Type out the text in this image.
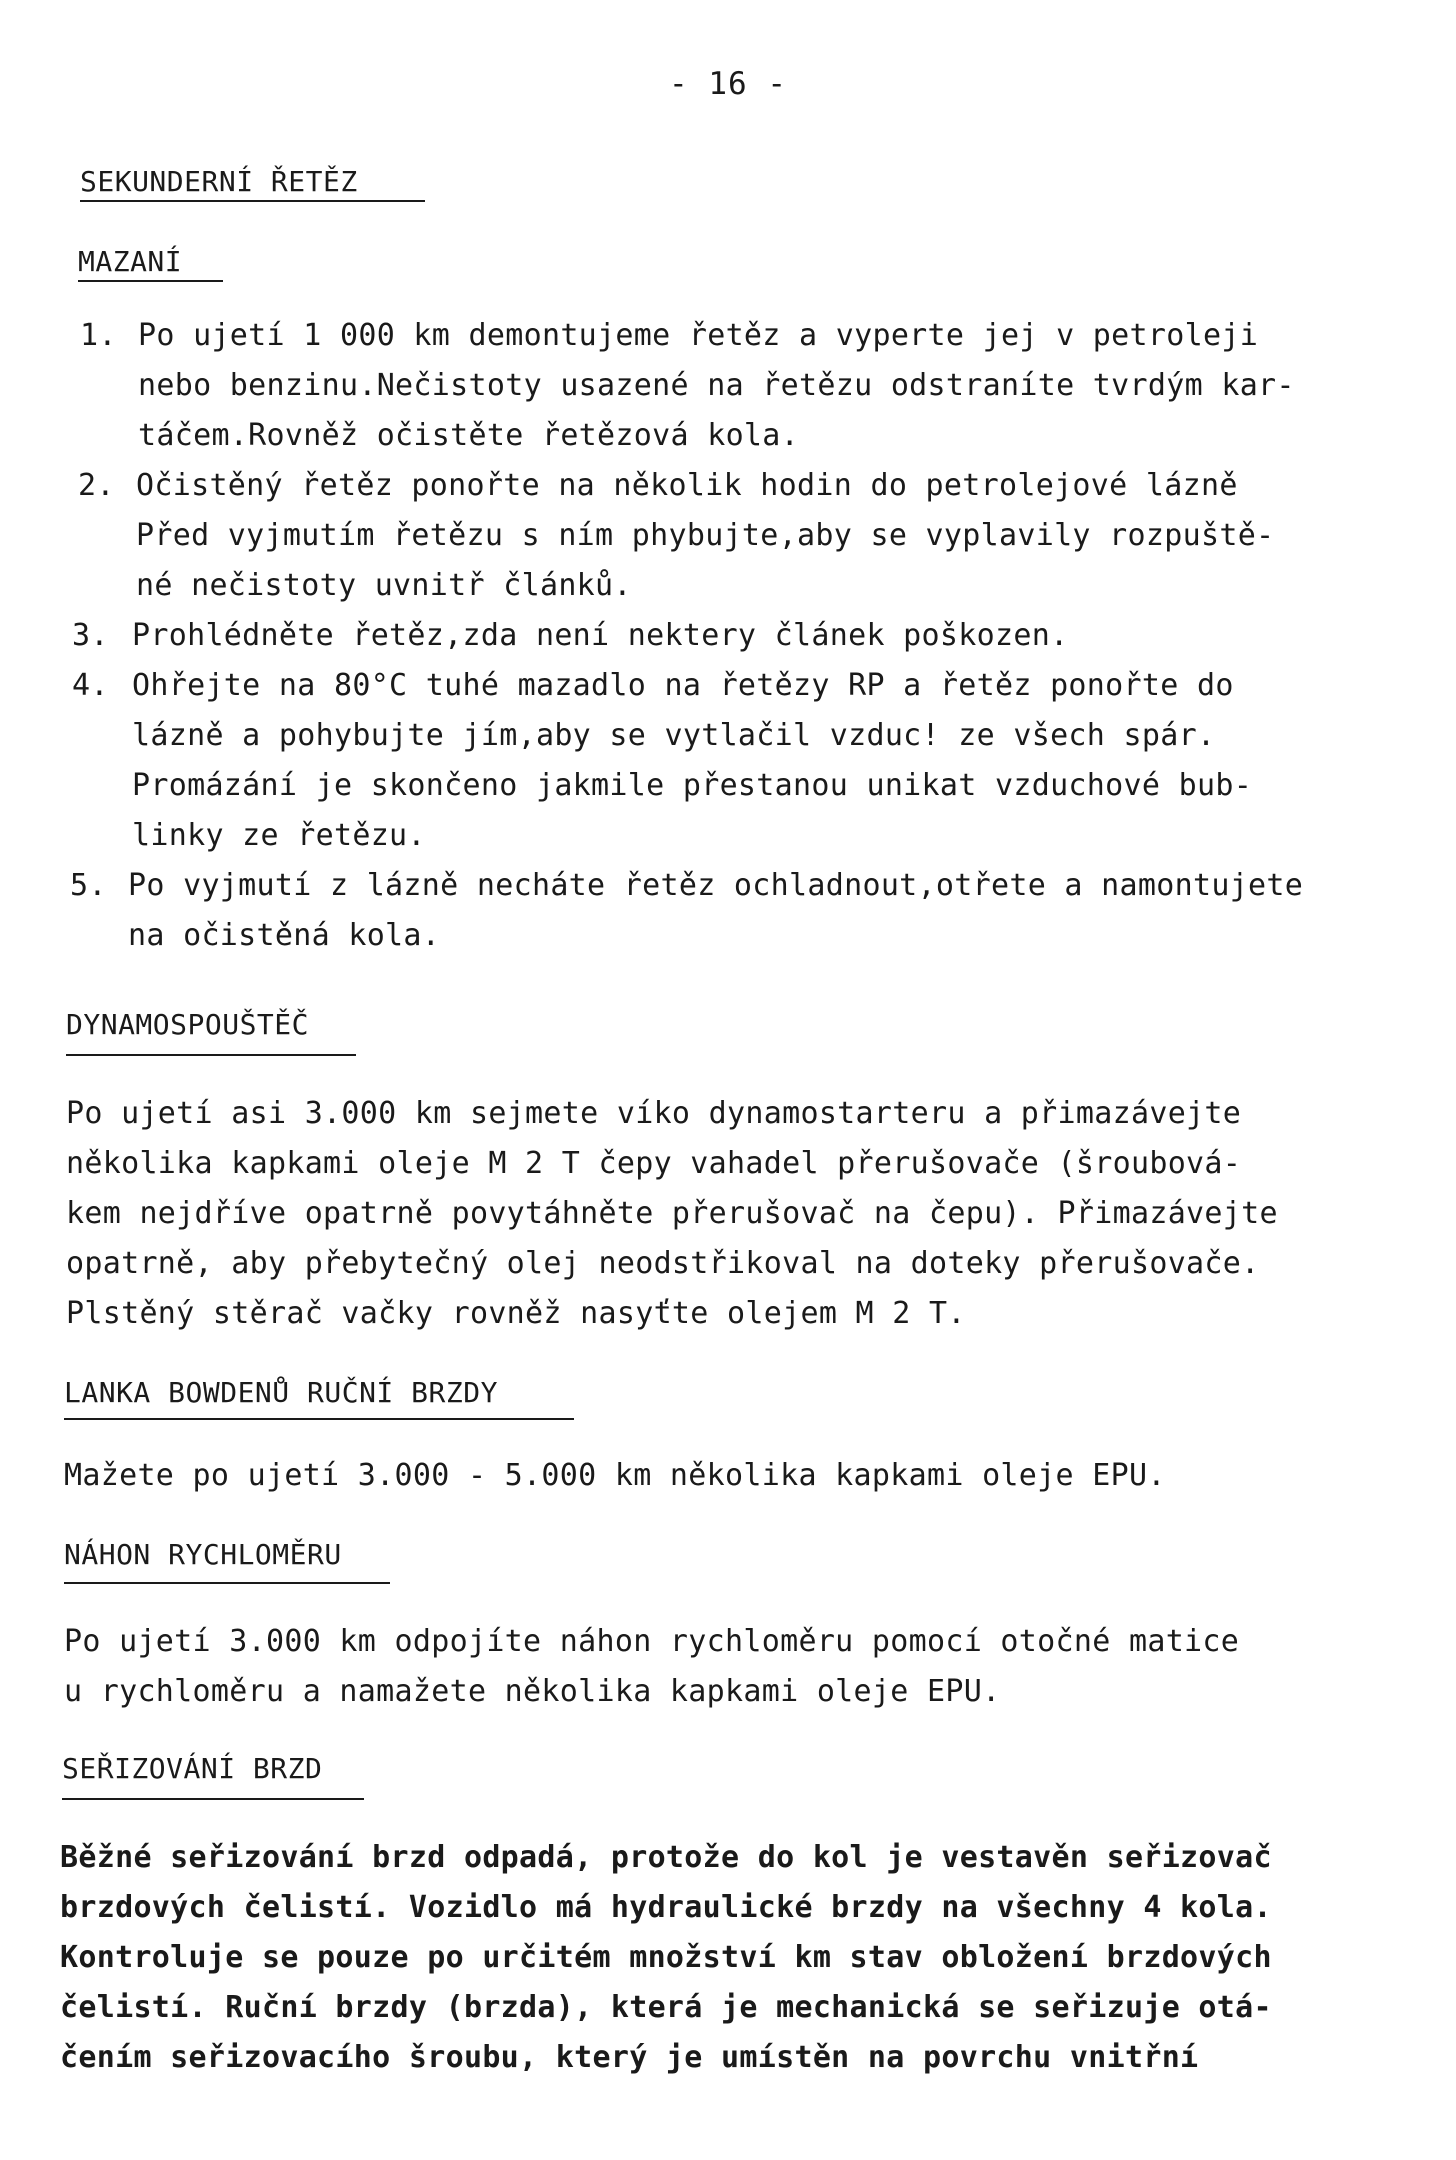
- 16 -
SEKUNDERNÍ ŘETĚZ
MAZANÍ
1. Po ujetí 1 000 km demontujeme řetěz a vyperte jej v petroleji
nebo benzinu.Nečistoty usazené na řetězu odstraníte tvrdým kar-
táčem.Rovněž očistěte řetězová kola.
2. Očistěný řetěz ponořte na několik hodin do petrolejové lázně
Před vyjmutím řetězu s ním phybujte,aby se vyplavily rozpuště-
né nečistoty uvnitř článků.
3. Prohlédněte řetěz,zda není nektery článek poškozen.
4. Ohřejte na 80°C tuhé mazadlo na řetězy RP a řetěz ponořte do
lázně a pohybujte jím,aby se vytlačil vzduc! ze všech spár.
Promázání je skončeno jakmile přestanou unikat vzduchové bub-
linky ze řetězu.
5. Po vyjmutí z lázně necháte řetěz ochladnout,otřete a namontujete
na očistěná kola.
DYNAMOSPOUŠTĚČ
Po ujetí asi 3.000 km sejmete víko dynamostarteru a přimazávejte
několika kapkami oleje M 2 T čepy vahadel přerušovače (šroubová-
kem nejdříve opatrně povytáhněte přerušovač na čepu). Přimazávejte
opatrně, aby přebytečný olej neodstřikoval na doteky přerušovače.
Plstěný stěrač vačky rovněž nasyťte olejem M 2 T.
LANKA BOWDENŮ RUČNÍ BRZDY
Mažete po ujetí 3.000 - 5.000 km několika kapkami oleje EPU.
NÁHON RYCHLOMĚRU
Po ujetí 3.000 km odpojíte náhon rychloměru pomocí otočné matice
u rychloměru a namažete několika kapkami oleje EPU.
SEŘIZOVÁNÍ BRZD
Běžné seřizování brzd odpadá, protože do kol je vestavěn seřizovač
brzdových čelistí. Vozidlo má hydraulické brzdy na všechny 4 kola.
Kontroluje se pouze po určitém množství km stav obložení brzdových
čelistí. Ruční brzdy (brzda), která je mechanická se seřizuje otá-
čením seřizovacího šroubu, který je umístěn na povrchu vnitřní
